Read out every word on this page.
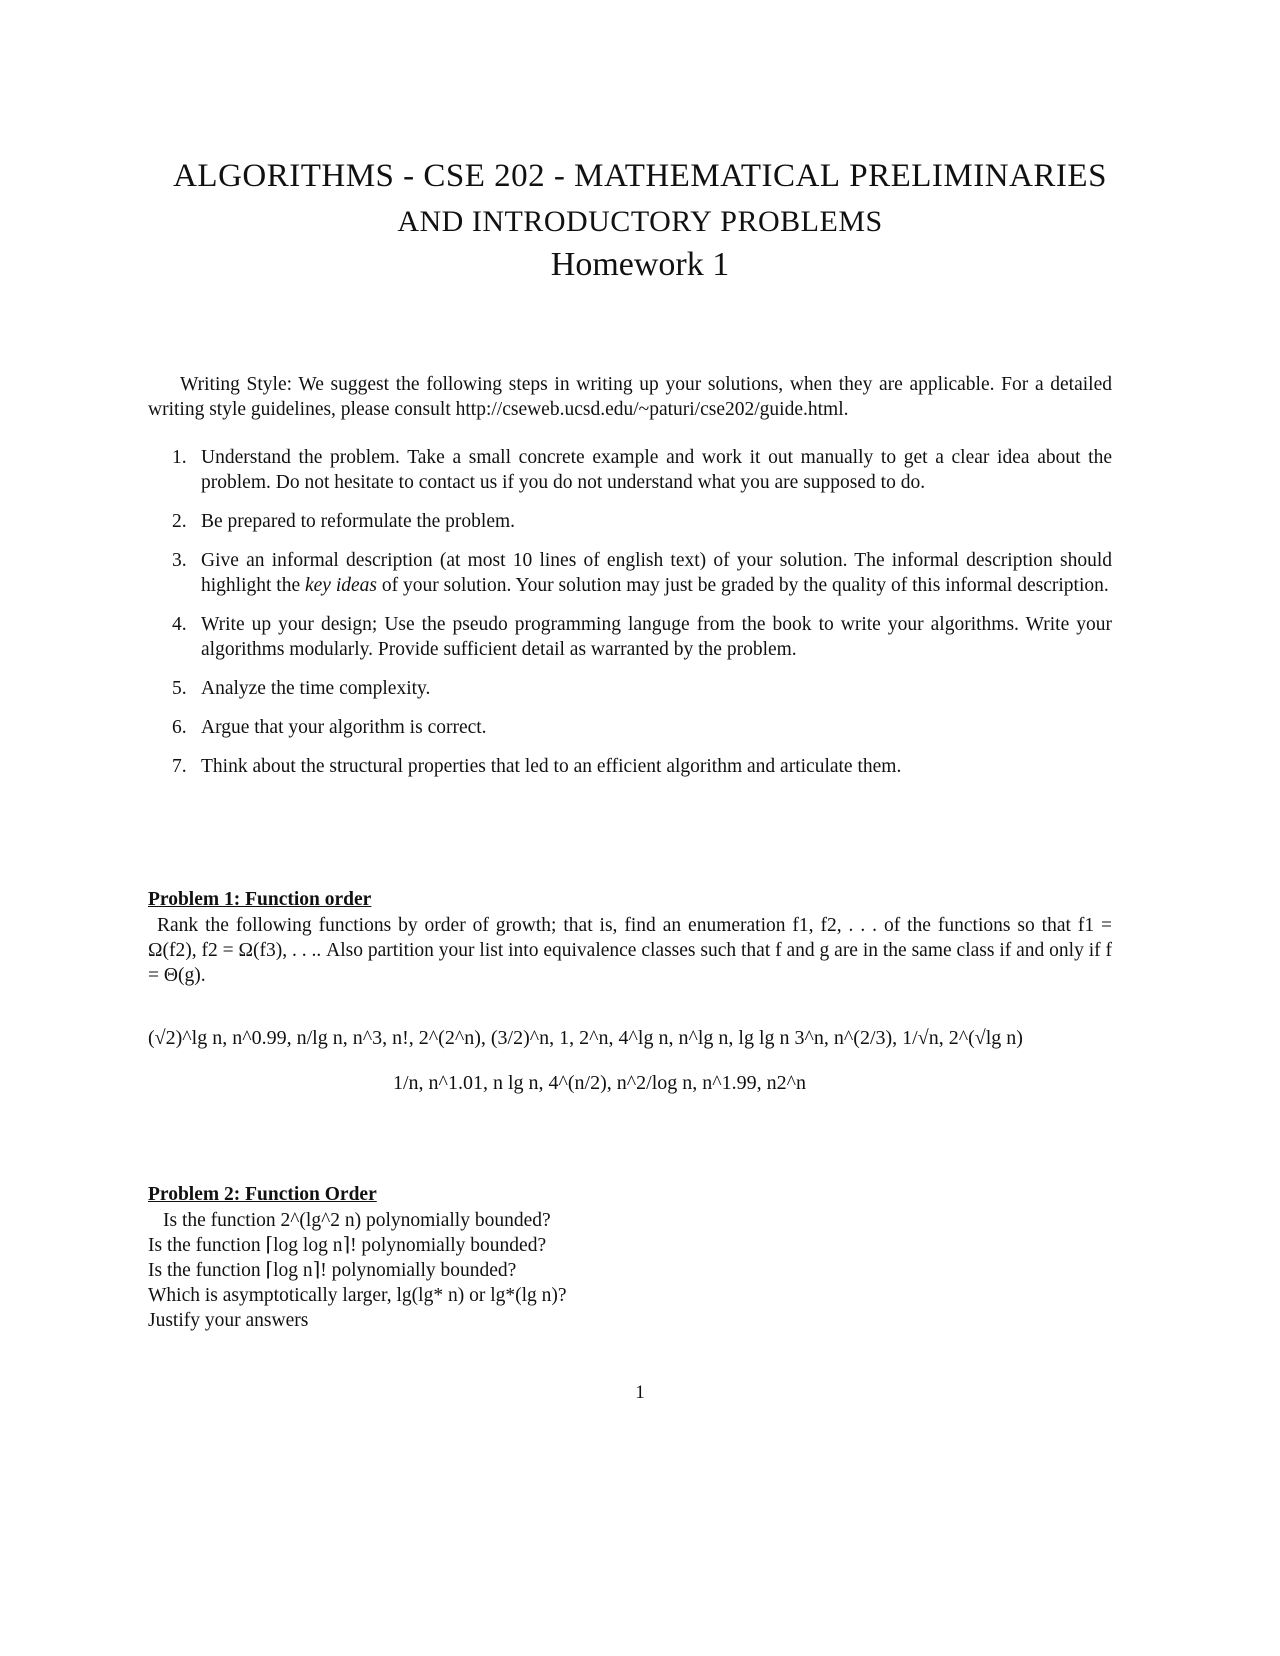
ALGORITHMS - CSE 202 - MATHEMATICAL PRELIMINARIES
AND INTRODUCTORY PROBLEMS
Homework 1
Writing Style: We suggest the following steps in writing up your solutions, when they are applicable. For a detailed writing style guidelines, please consult http://cseweb.ucsd.edu/~paturi/cse202/guide.html.
1. Understand the problem. Take a small concrete example and work it out manually to get a clear idea about the problem. Do not hesitate to contact us if you do not understand what you are supposed to do.
2. Be prepared to reformulate the problem.
3. Give an informal description (at most 10 lines of english text) of your solution. The informal description should highlight the key ideas of your solution. Your solution may just be graded by the quality of this informal description.
4. Write up your design; Use the pseudo programming languge from the book to write your algorithms. Write your algorithms modularly. Provide sufficient detail as warranted by the problem.
5. Analyze the time complexity.
6. Argue that your algorithm is correct.
7. Think about the structural properties that led to an efficient algorithm and articulate them.
Problem 1: Function order
Rank the following functions by order of growth; that is, find an enumeration f1, f2, . . . of the functions so that f1 = Ω(f2), f2 = Ω(f3), . . .. Also partition your list into equivalence classes such that f and g are in the same class if and only if f = Θ(g).
(√2)^lg n, n^0.99, n/lg n, n^3, n!, 2^(2^n), (3/2)^n, 1, 2^n, 4^lg n, n^lg n, lg lg n 3^n, n^(2/3), 1/√n, 2^(√lg n)
1/n, n^1.01, n lg n, 4^(n/2), n^2/log n, n^1.99, n2^n
Problem 2: Function Order
Is the function 2^(lg^2 n) polynomially bounded?
Is the function ⌈log log n⌉! polynomially bounded?
Is the function ⌈log n⌉! polynomially bounded?
Which is asymptotically larger, lg(lg* n) or lg*(lg n)?
Justify your answers
1
